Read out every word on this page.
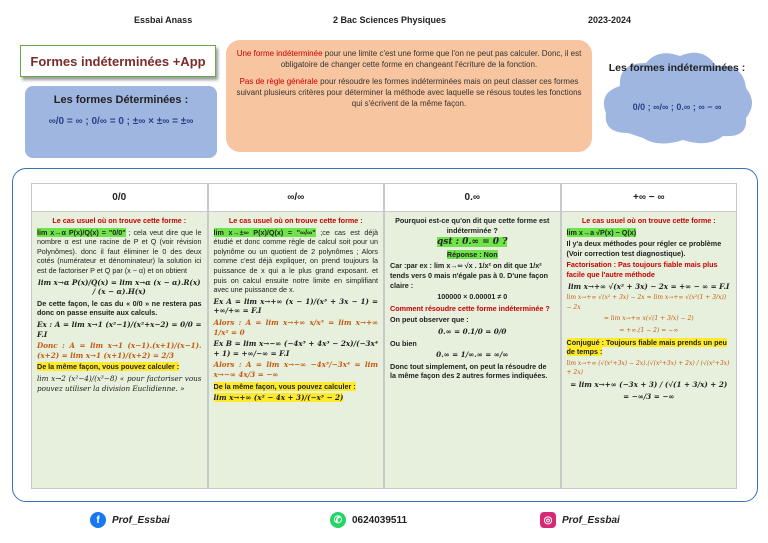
Essbai Anass	2 Bac Sciences Physiques	2023-2024
Formes indéterminées +App
Les formes Déterminées :
∞/0 = ∞ ; 0/∞ = 0 ; ±∞ × ±∞ = ±∞

Une forme indéterminée pour une limite c'est une forme que l'on ne peut pas calculer. Donc, il est obligatoire de changer cette forme en changeant l'écriture de la fonction.

Pas de règle générale pour résoudre les formes indéterminées mais on peut classer ces formes suivant plusieurs critères pour déterminer la méthode avec laquelle se résous toutes les fonctions qui s'écrivent de la même façon.

Les formes indéterminées :
0/0 ; ∞/∞ ; 0.∞ ; ∞ − ∞
0/0

Le cas usuel où on trouve cette forme :

lim x→α P(x)/Q(x) = "0/0" ; cela veut dire que le nombre α est une racine de P et Q (voir révision Polynômes). donc il faut éliminer le 0 des deux cotés (numérateur et dénominateur) la solution ici est de factoriser P et Q par (x − α) et on obtient

lim x→α P(x)/Q(x) = lim x→α (x − α).R(x) / (x − α).H(x)

De cette façon, le cas du « 0/0 » ne restera pas donc on passe ensuite aux calculs.

Ex : A = lim x→1 (x²−1)/(x²+x−2) = 0/0 = F.I

Donc : A = lim x→1 (x−1).(x+1)/(x−1).(x+2) = lim x→1 (x+1)/(x+2) = 2/3

De la même façon, vous pouvez calculer :

lim x→2 (x²−4)/(x³−8) « pour factoriser vous pouvez utiliser la division Euclidienne. »

∞/∞

Le cas usuel où on trouve cette forme :

lim x→±∞ P(x)/Q(x) = "∞/∞" ;ce cas est déjà étudié et donc comme règle de calcul soit pour un polynôme ou un quotient de 2 polynômes ; Alors comme c'est déjà expliquer, on prend toujours la puissance de x qui a le plus grand exposant. et puis on calcul ensuite notre limite en simplifiant avec une puissance de x.

Ex A = lim x→+∞ (x − 1)/(x³ + 3x − 1) = +∞/+∞ = F.I

Alors : A = lim x→+∞ x/x³ = lim x→+∞ 1/x² = 0

Ex B = lim x→−∞ (−4x⁵ + 4x³ − 2x)/(−3x⁴ + 1) = +∞/−∞ = F.I

Alors : A = lim x→−∞ −4x⁵/−3x⁴ = lim x→−∞ 4x/3 = −∞

De la même façon, vous pouvez calculer :

lim x→+∞ (x² − 4x + 3)/(−x³ − 2)

0.∞

Pourquoi est-ce qu'on dit que cette forme est indéterminée ?

qst : 0.∞ = 0 ?

Réponse : Non

Car :par ex : lim x→∞ √x . 1/x² on dit que 1/x² tends vers 0 mais n'égale pas à 0. D'une façon claire :

100000 × 0.00001 ≠ 0

Comment résoudre cette forme indéterminée ?

On peut observer que :

0.∞ = 0.1/0 = 0/0

Ou bien

0.∞ = 1/∞.∞ = ∞/∞

Donc tout simplement, on peut la résoudre de la même façon des 2 autres formes indiquées.

+∞ − ∞

Le cas usuel où on trouve cette forme :

lim x→a √P(x) − Q(x)

Il y'a deux méthodes pour régler ce problème (Voir correction test diagnostique).

Factorisation : Pas toujours fiable mais plus facile que l'autre méthode

lim x→+∞ √(x² + 3x) − 2x = +∞ − ∞ = F.I

lim x→+∞ √(x² + 3x) − 2x = lim x→+∞ √(x²(1 + 3/x)) − 2x

= lim x→+∞ x(√(1 + 3/x) − 2)

= +∞.(1 − 2) = −∞

Conjugué : Toujours fiable mais prends un peu de temps :

lim x→+∞ (√(x²+3x) − 2x).(√(x²+3x) + 2x) / (√(x²+3x) + 2x)

= lim x→+∞ (−3x + 3) / (√(1 + 3/x) + 2)

= −∞/3 = −∞

f	Prof_Essbai	✆ 0624039511	◎ Prof_Essbai
